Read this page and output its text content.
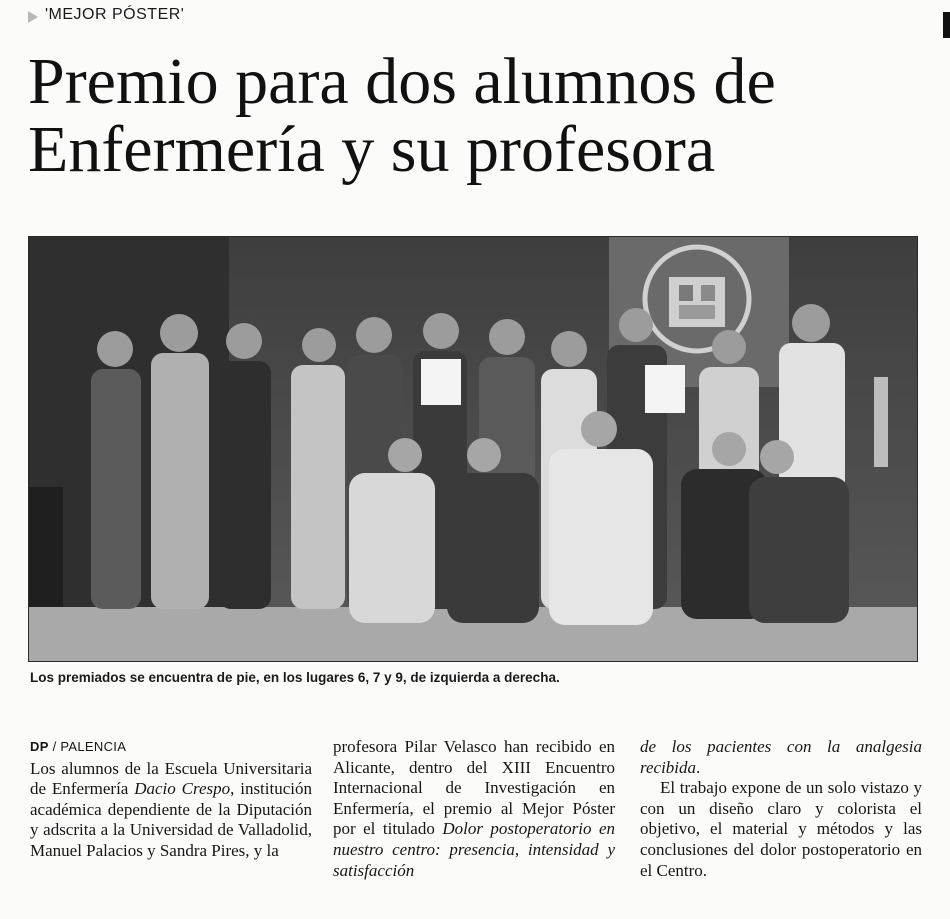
'MEJOR PÓSTER'
Premio para dos alumnos de
Enfermería y su profesora
Los premiados se encuentra de pie, en los lugares 6, 7 y 9, de izquierda a derecha.
DP / PALENCIA

Los alumnos de la Escuela Universitaria de Enfermería Dacio Crespo, institución académica dependiente de la Diputación y adscrita a la Universidad de Valladolid, Manuel Palacios y Sandra Pires, y la

profesora Pilar Velasco han recibido en Alicante, dentro del XIII Encuentro Internacional de Investigación en Enfermería, el premio al Mejor Póster por el titulado Dolor postoperatorio en nuestro centro: presencia, intensidad y satisfacción

de los pacientes con la analgesia recibida.

El trabajo expone de un solo vistazo y con un diseño claro y colorista el objetivo, el material y métodos y las conclusiones del dolor postoperatorio en el Centro.
